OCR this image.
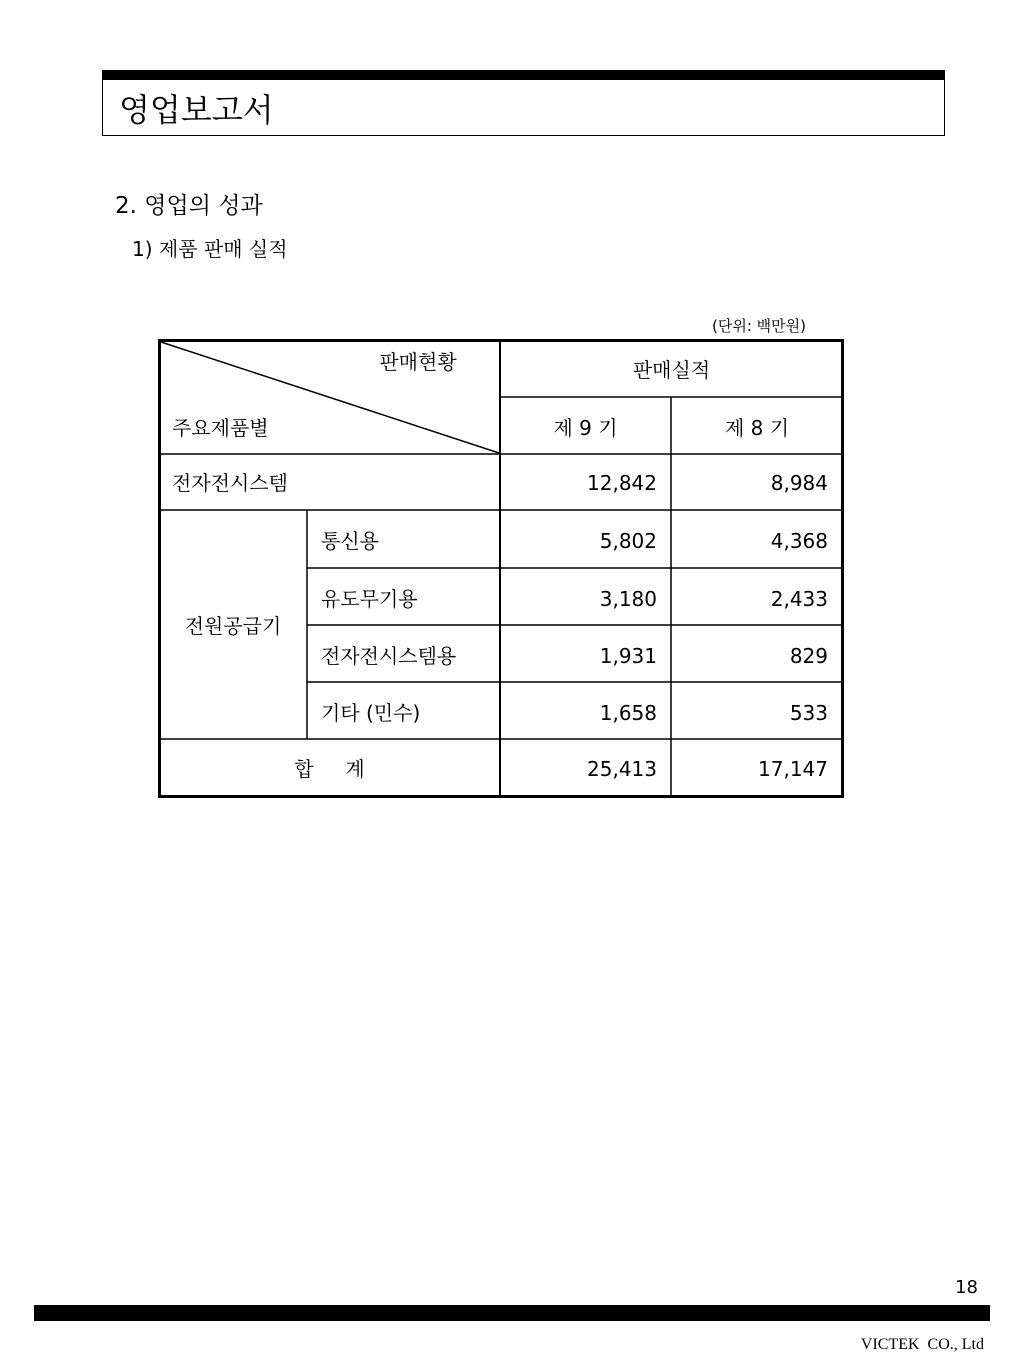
영업보고서
2. 영업의 성과
1) 제품 판매 실적
(단위: 백만원)
판매현황
주요제품별
판매실적
제 9 기	제 8 기
전자전시스템	12,842	8,984
전원공급기
통신용	5,802	4,368
유도무기용	3,180	2,433
전자전시스템용	1,931	829
기타 (민수)	1,658	533
합     계	25,413	17,147
18
VICTEK  CO., Ltd
